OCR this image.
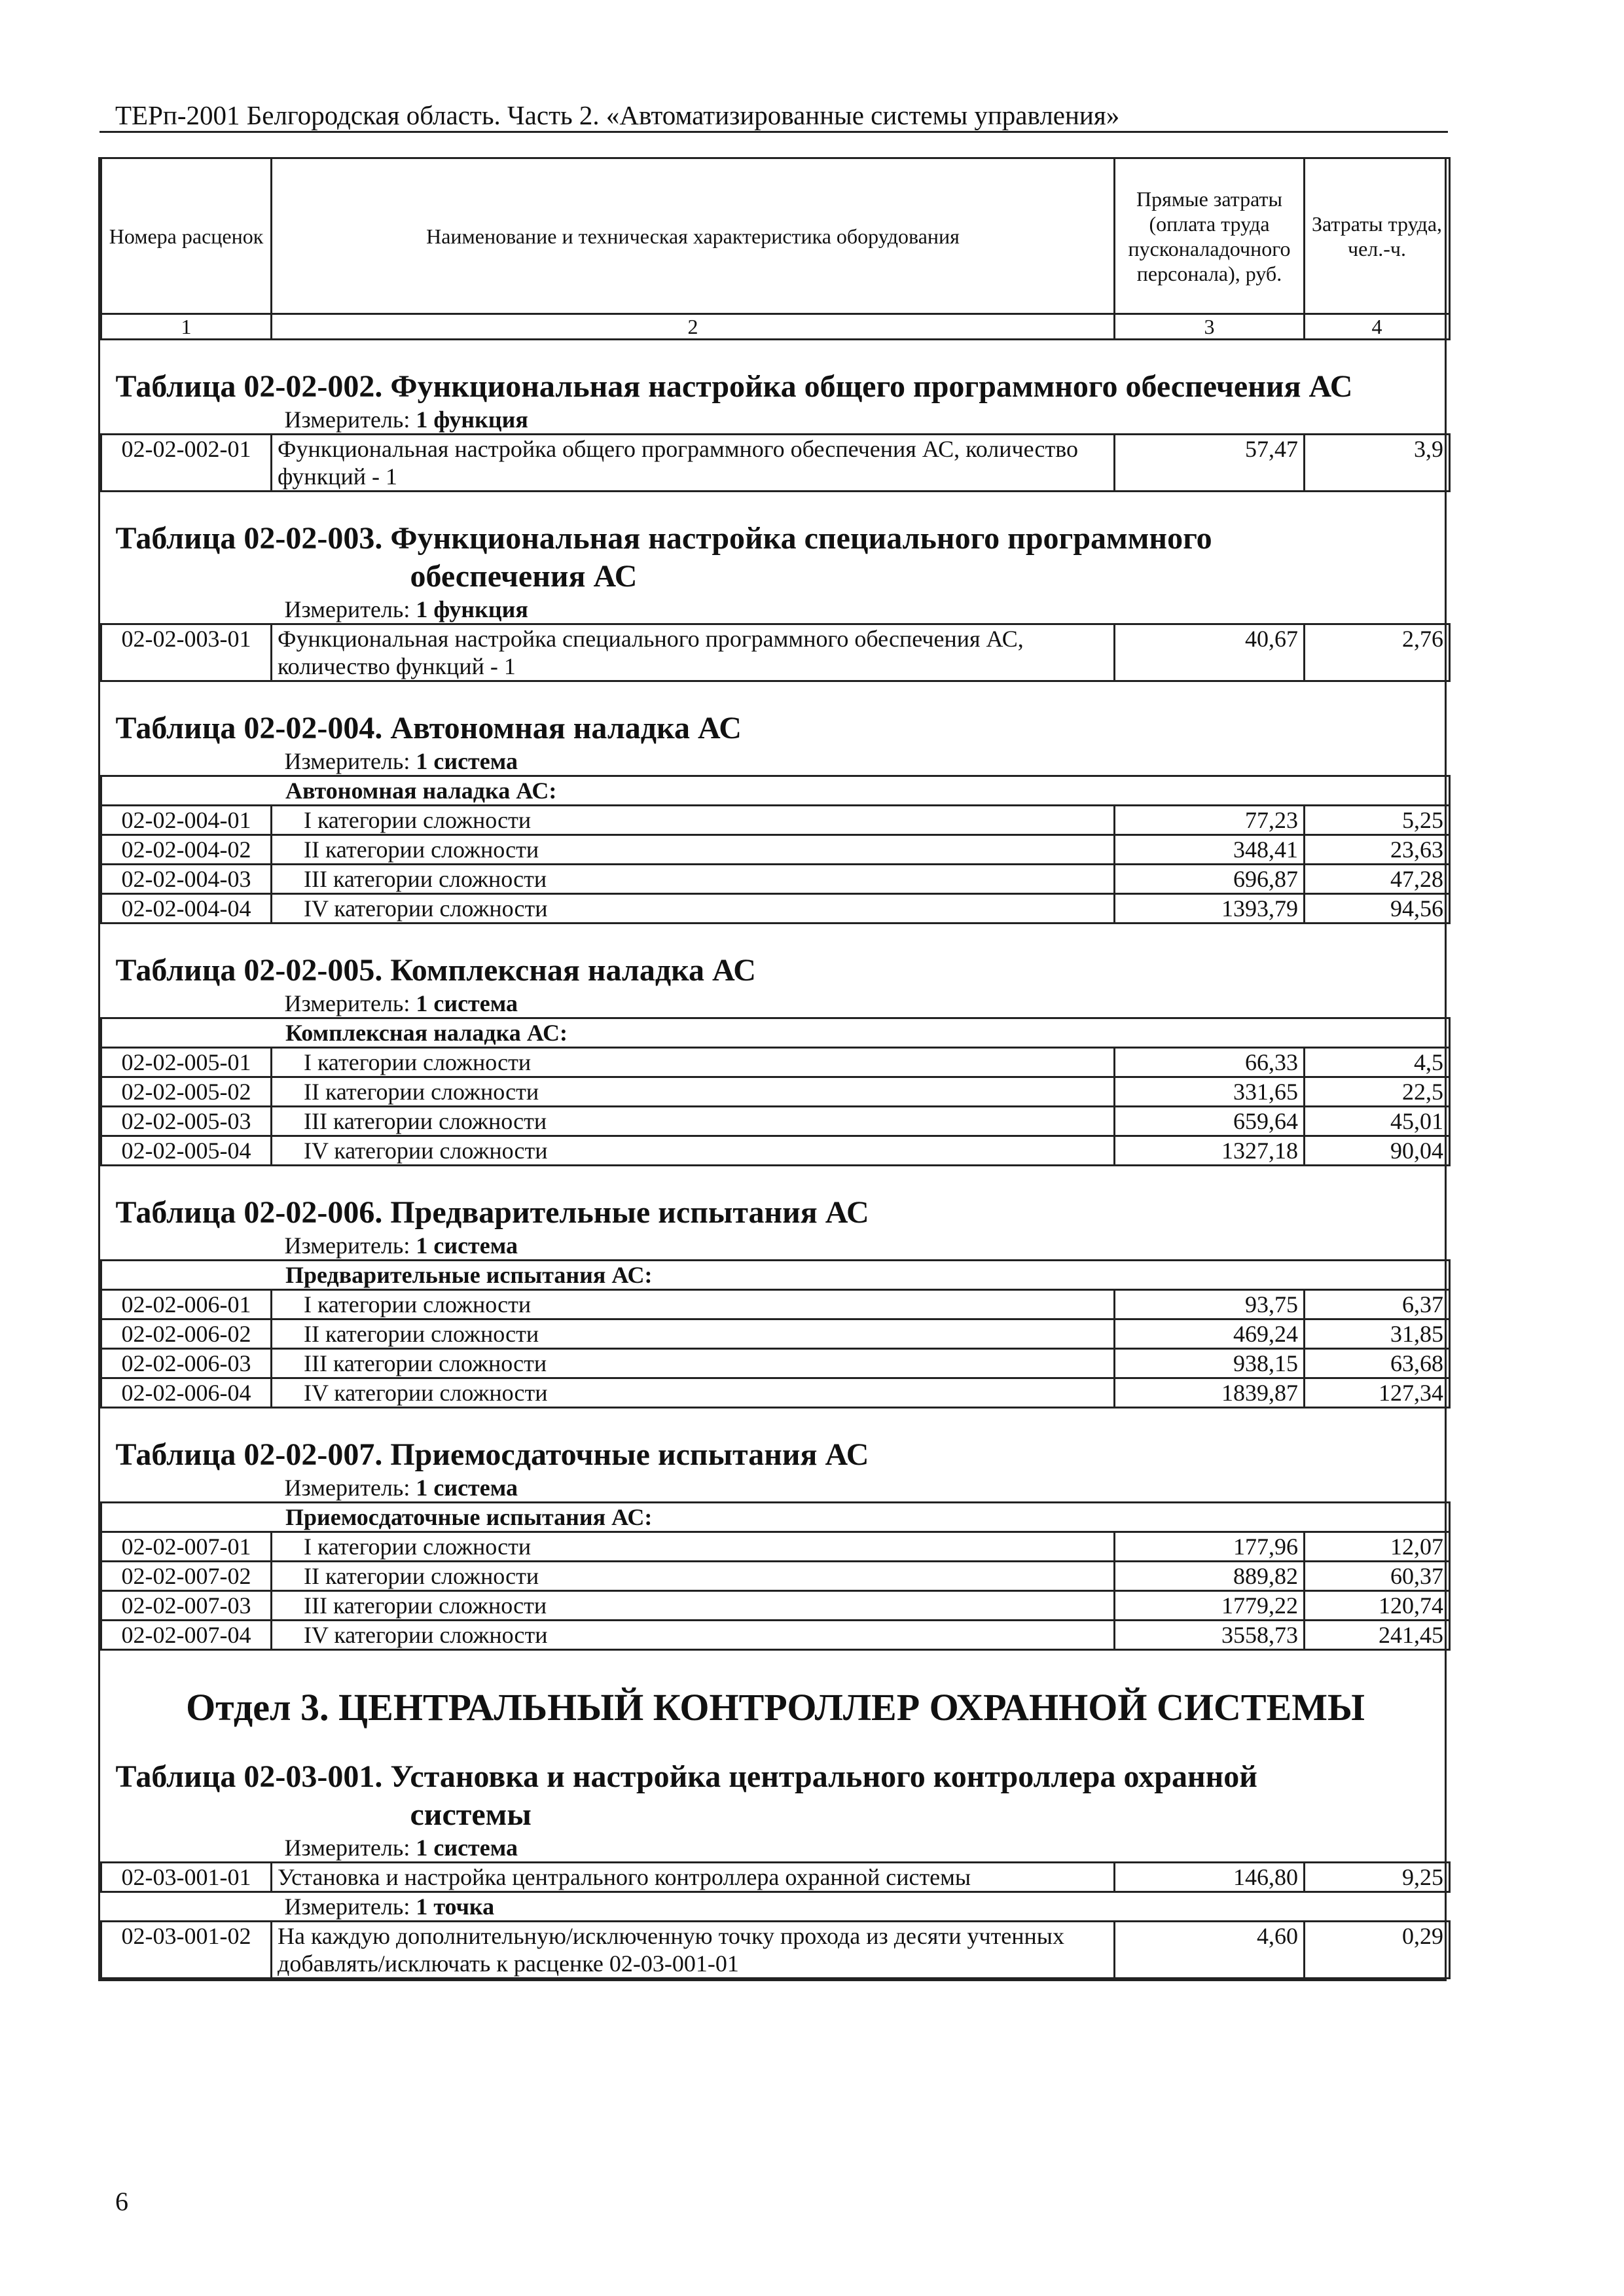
ТЕРп-2001 Белгородская область. Часть 2. «Автоматизированные системы управления»
Номера расценок	Наименование и техническая характеристика оборудования	Прямые затраты (оплата труда пусконаладочного персонала), руб.	Затраты труда, чел.-ч.
1	2	3	4
Таблица 02-02-002. Функциональная настройка общего программного обеспечения АС			
Измеритель: 1 функция			
02-02-002-01	Функциональная настройка общего программного обеспечения АС, количество функций - 1	57,47	3,9
Таблица 02-02-003. Функциональная настройка специального программного
обеспечения АС			

Измеритель: 1 функция			
02-02-003-01	Функциональная настройка специального программного обеспечения АС, количество функций - 1	40,67	2,76
Таблица 02-02-004. Автономная наладка АС			
Измеритель: 1 система			
Автономная наладка АС:			
02-02-004-01	I категории сложности	77,23	5,25
02-02-004-02	II категории сложности	348,41	23,63
02-02-004-03	III категории сложности	696,87	47,28
02-02-004-04	IV категории сложности	1393,79	94,56
Таблица 02-02-005. Комплексная наладка АС			
Измеритель: 1 система			
Комплексная наладка АС:			
02-02-005-01	I категории сложности	66,33	4,5
02-02-005-02	II категории сложности	331,65	22,5
02-02-005-03	III категории сложности	659,64	45,01
02-02-005-04	IV категории сложности	1327,18	90,04
Таблица 02-02-006. Предварительные испытания АС			
Измеритель: 1 система			
Предварительные испытания АС:			
02-02-006-01	I категории сложности	93,75	6,37
02-02-006-02	II категории сложности	469,24	31,85
02-02-006-03	III категории сложности	938,15	63,68
02-02-006-04	IV категории сложности	1839,87	127,34
Таблица 02-02-007. Приемосдаточные испытания АС			
Измеритель: 1 система			
Приемосдаточные испытания АС:			
02-02-007-01	I категории сложности	177,96	12,07
02-02-007-02	II категории сложности	889,82	60,37
02-02-007-03	III категории сложности	1779,22	120,74
02-02-007-04	IV категории сложности	3558,73	241,45
Отдел 3. ЦЕНТРАЛЬНЫЙ КОНТРОЛЛЕР ОХРАННОЙ СИСТЕМЫ			
Таблица 02-03-001. Установка и настройка центрального контроллера охранной
системы			

Измеритель: 1 система			
02-03-001-01	Установка и настройка центрального контроллера охранной системы	146,80	9,25
Измеритель: 1 точка			
02-03-001-02	На каждую дополнительную/исключенную точку прохода из десяти учтенных добавлять/исключать к расценке 02-03-001-01	4,60	0,29
6
